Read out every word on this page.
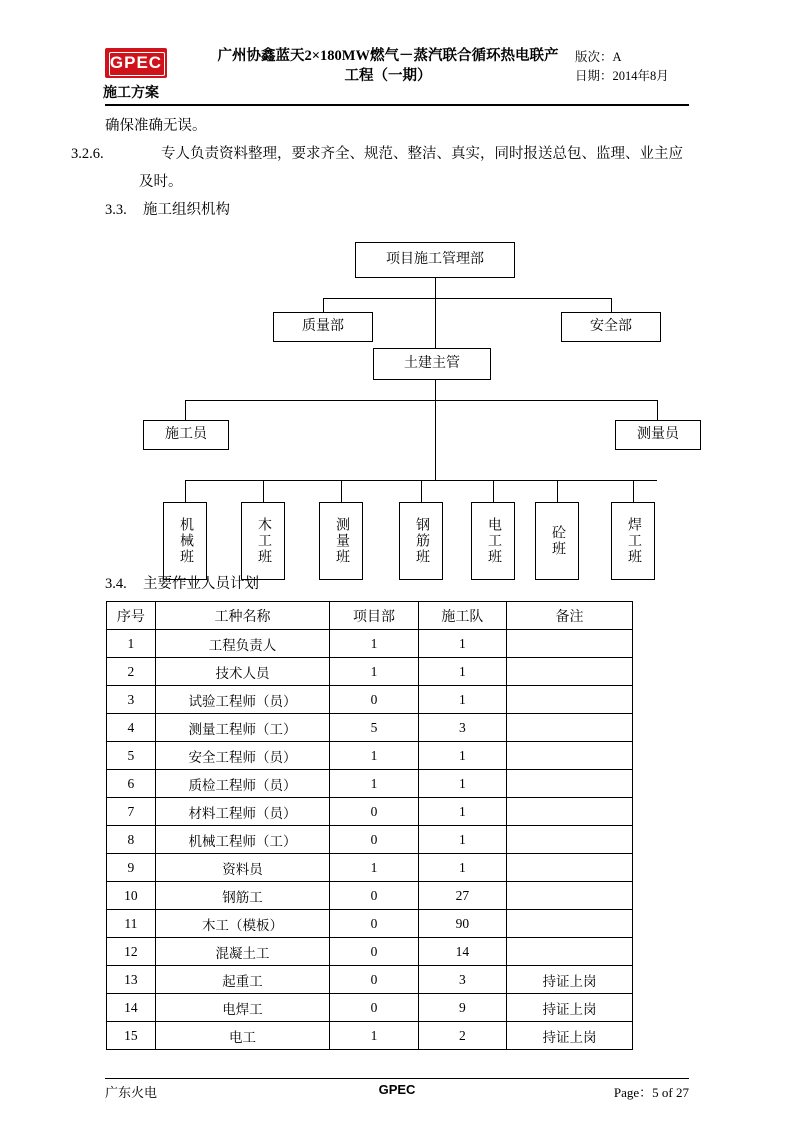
GPEC
施工方案
广州协鑫蓝天2×180MW燃气－蒸汽联合循环热电联产工程（一期）
版次：A
日期：2014年8月
确保准确无误。
3.2.6.	专人负责资料整理，要求齐全、规范、整洁、真实，同时报送总包、监理、业主应及时。
3.3. 施工组织机构
项目施工管理部
质量部	安全部
土建主管
施工员	测量员
机械班	木工班	测量班	钢筋班	电工班	砼班	焊工班
3.4. 主要作业人员计划
序号	工种名称	项目部	施工队	备注
1	工程负责人	1	1	
2	技术人员	1	1	
3	试验工程师（员）	0	1	
4	测量工程师（工）	5	3	
5	安全工程师（员）	1	1	
6	质检工程师（员）	1	1	
7	材料工程师（员）	0	1	
8	机械工程师（工）	0	1	
9	资料员	1	1	
10	钢筋工	0	27	
11	木工（模板）	0	90	
12	混凝土工	0	14	
13	起重工	0	3	持证上岗
14	电焊工	0	9	持证上岗
15	电工	1	2	持证上岗
广东火电	GPEC	Page：5 of 27
